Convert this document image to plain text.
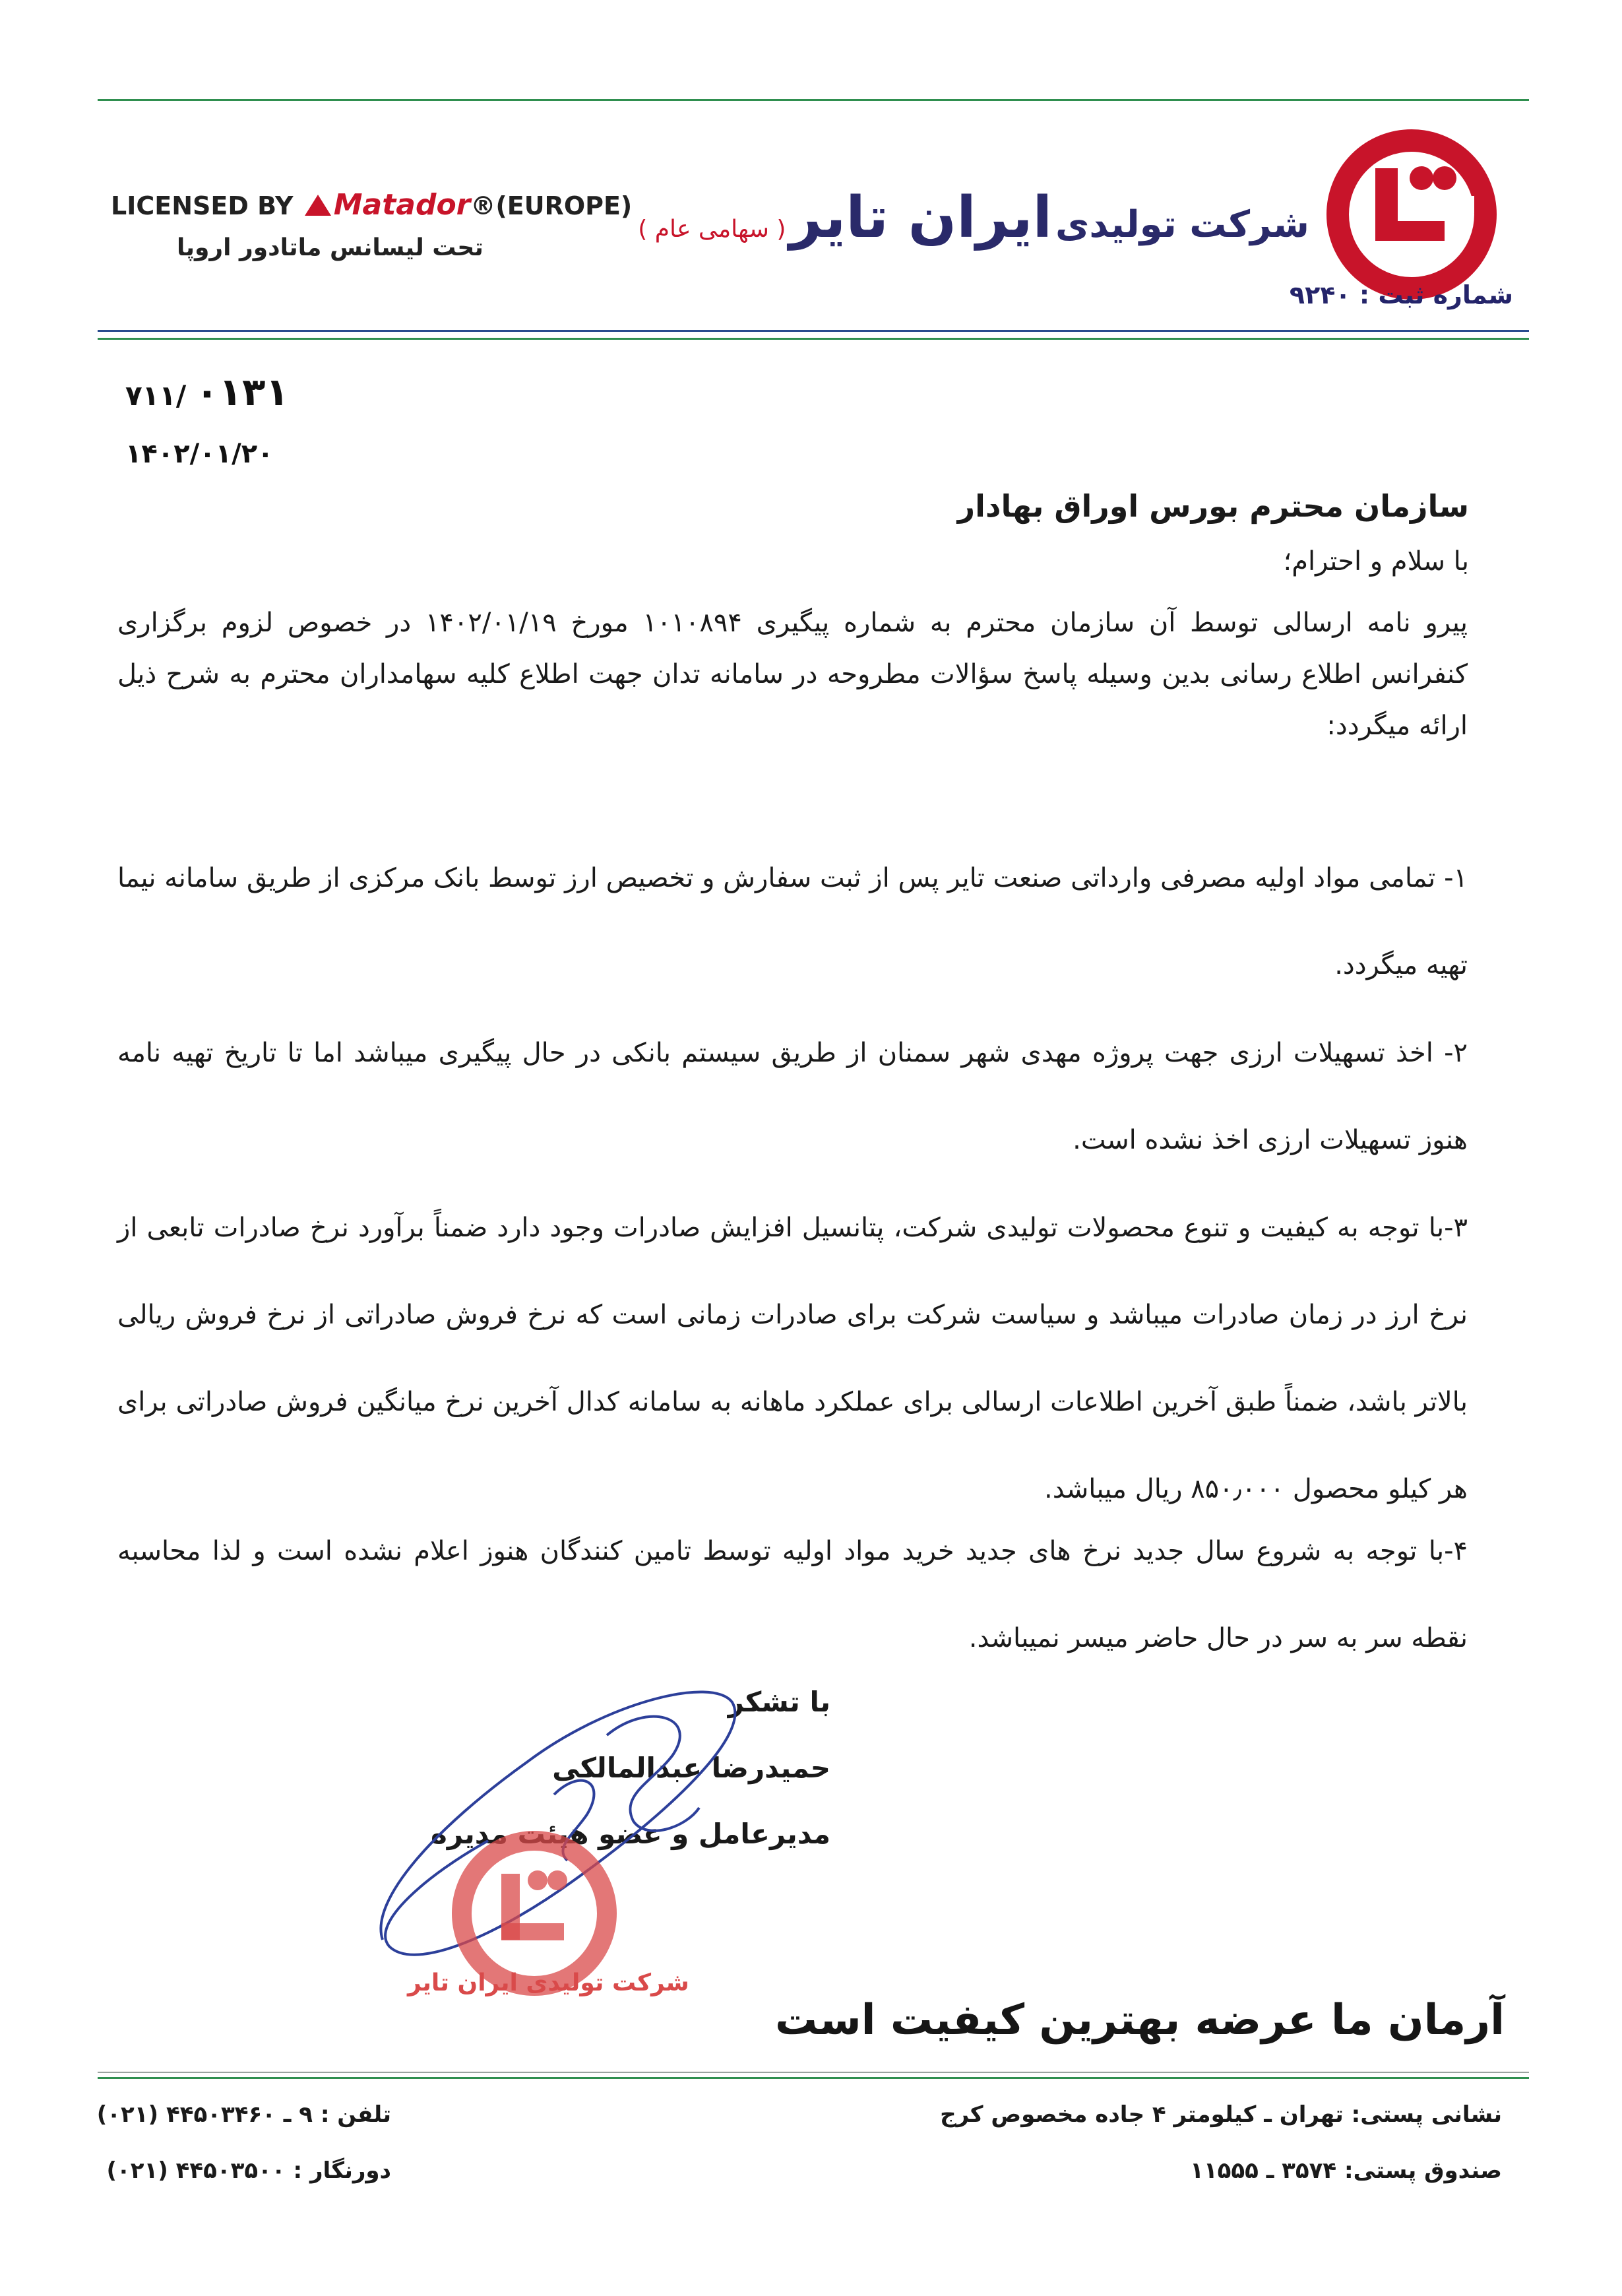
شرکت تولیدی ایران تایر ( سهامی عام )
شماره ثبت : ۹۲۴۰
LICENSED BY Matador®(EUROPE)
تحت لیسانس ماتادور اروپا
۷۱۱/ ۰۱۳۱
۱۴۰۲/۰۱/۲۰
سازمان محترم بورس اوراق بهادار
با سلام و احترام؛
پیرو نامه ارسالی توسط آن سازمان محترم به شماره پیگیری ۱۰۱۰۸۹۴ مورخ ۱۴۰۲/۰۱/۱۹ در خصوص لزوم برگزاری کنفرانس اطلاع رسانی بدین وسیله پاسخ سؤالات مطروحه در سامانه تدان جهت اطلاع کلیه سهامداران محترم به شرح ذیل ارائه میگردد:
۱- تمامی مواد اولیه مصرفی وارداتی صنعت تایر پس از ثبت سفارش و تخصیص ارز توسط بانک مرکزی از طریق سامانه نیما تهیه میگردد.
۲- اخذ تسهیلات ارزی جهت پروژه مهدی شهر سمنان از طریق سیستم بانکی در حال پیگیری میباشد اما تا تاریخ تهیه نامه هنوز تسهیلات ارزی اخذ نشده است.
۳-با توجه به کیفیت و تنوع محصولات تولیدی شرکت، پتانسیل افزایش صادرات وجود دارد ضمناً برآورد نرخ صادرات تابعی از نرخ ارز در زمان صادرات میباشد و سیاست شرکت برای صادرات زمانی است که نرخ فروش صادراتی از نرخ فروش ریالی بالاتر باشد، ضمناً طبق آخرین اطلاعات ارسالی برای عملکرد ماهانه به سامانه کدال آخرین نرخ میانگین فروش صادراتی برای هر کیلو محصول ۸۵۰٫۰۰۰ ریال میباشد.
۴-با توجه به شروع سال جدید نرخ های جدید خرید مواد اولیه توسط تامین کنندگان هنوز اعلام نشده است و لذا محاسبه نقطه سر به سر در حال حاضر میسر نمیباشد.
با تشکر
حمیدرضا عبدالمالکی
مدیرعامل و عضو هیئت مدیره
شرکت تولیدی ایران تایر
آرمان ما عرضه بهترین کیفیت است
نشانی پستی: تهران ـ کیلومتر ۴ جاده مخصوص کرج
صندوق پستی: ۳۵۷۴ ـ ۱۱۵۵۵
تلفن : ۹ ـ ۴۴۵۰۳۴۶۰ (۰۲۱)
دورنگار : ۴۴۵۰۳۵۰۰ (۰۲۱)
